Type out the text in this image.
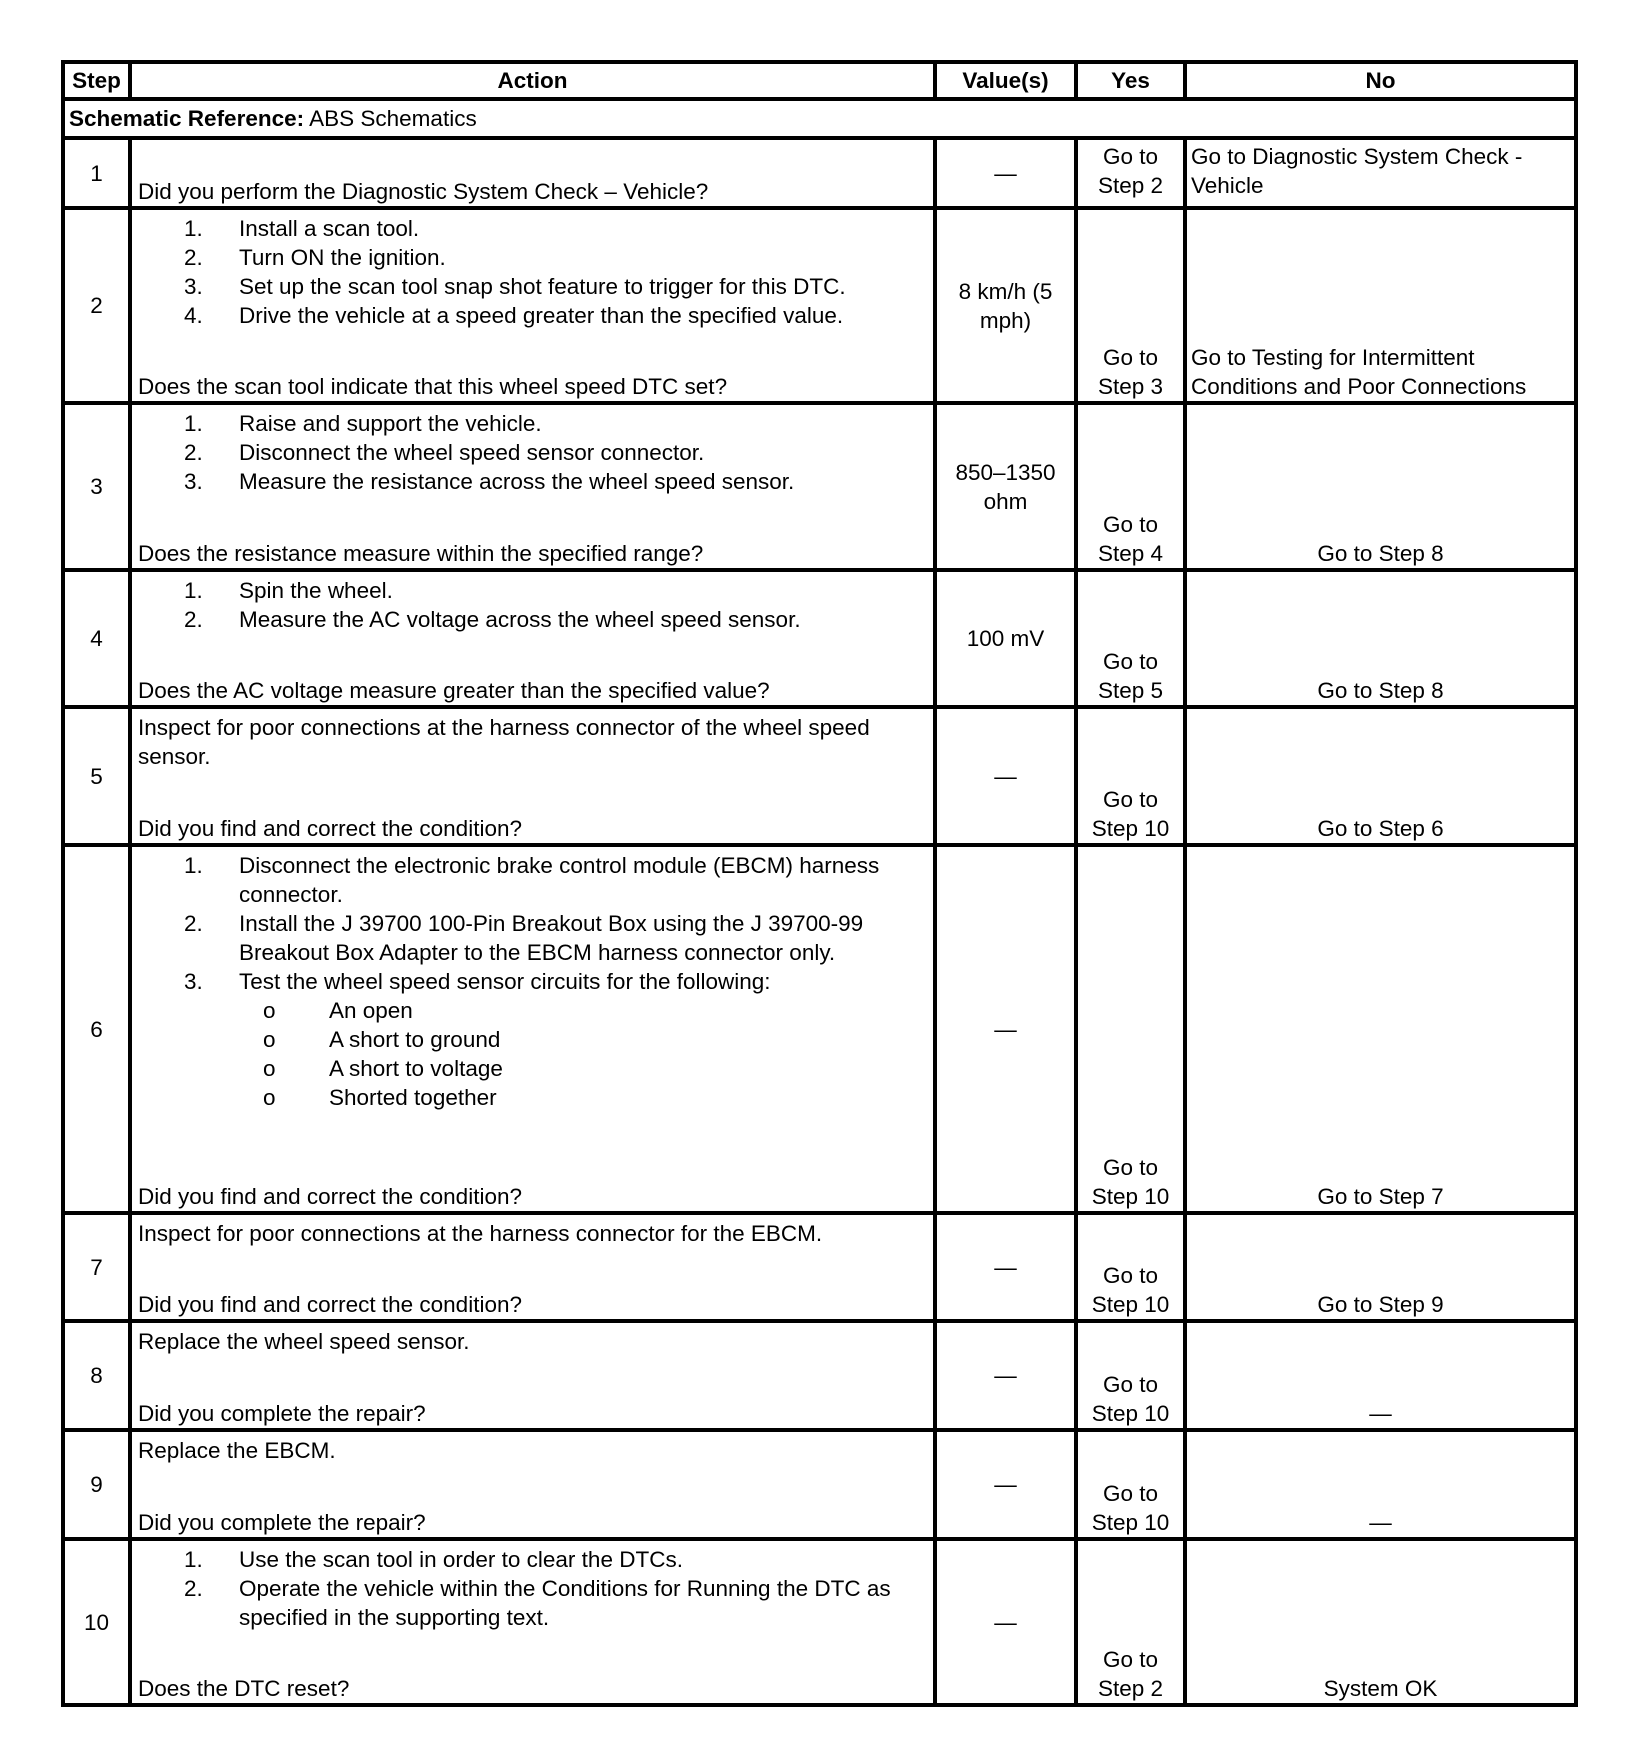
Step	Action	Value(s)	Yes	No
Schematic Reference: ABS Schematics				
1	Did you perform the Diagnostic System Check – Vehicle?	—	Go to Step 2	Go to Diagnostic System Check - Vehicle
2	
1.	Install a scan tool.
2.	Turn ON the ignition.
3.	Set up the scan tool snap shot feature to trigger for this DTC.
4.	Drive the vehicle at a speed greater than the specified value.
Does the scan tool indicate that this wheel speed DTC set?
	8 km/h (5 mph)	Go to Step 3	Go to Testing for Intermittent Conditions and Poor Connections
3	
1.	Raise and support the vehicle.
2.	Disconnect the wheel speed sensor connector.
3.	Measure the resistance across the wheel speed sensor.
Does the resistance measure within the specified range?
	850–1350 ohm	Go to Step 4	Go to Step 8
4	
1.	Spin the wheel.
2.	Measure the AC voltage across the wheel speed sensor.
Does the AC voltage measure greater than the specified value?
	100 mV	Go to Step 5	Go to Step 8
5	Inspect for poor connections at the harness connector of the wheel speed sensor.
Did you find and correct the condition?	—	Go to Step 10	Go to Step 6
6	
1.	Disconnect the electronic brake control module (EBCM) harness connector.
2.	Install the J 39700 100-Pin Breakout Box using the J 39700-99 Breakout Box Adapter to the EBCM harness connector only.
3.	Test the wheel speed sensor circuits for the following:
o An open
o A short to ground
o A short to voltage
o Shorted together
Did you find and correct the condition?
	—	Go to Step 10	Go to Step 7
7	Inspect for poor connections at the harness connector for the EBCM.
Did you find and correct the condition?	—	Go to Step 10	Go to Step 9
8	Replace the wheel speed sensor.
Did you complete the repair?	—	Go to Step 10	—
9	Replace the EBCM.
Did you complete the repair?	—	Go to Step 10	—
10	
1.	Use the scan tool in order to clear the DTCs.
2.	Operate the vehicle within the Conditions for Running the DTC as specified in the supporting text.
Does the DTC reset?
	—	Go to Step 2	System OK
